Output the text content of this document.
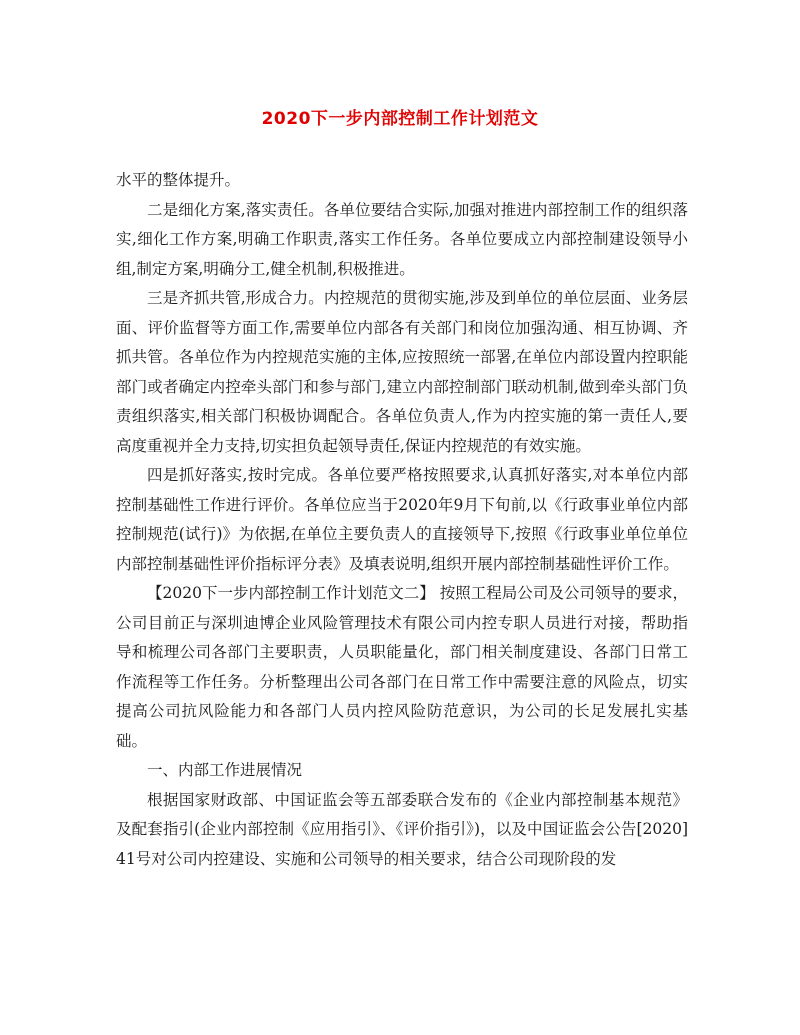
2020下一步内部控制工作计划范文

水平的整体提升。

二是细化方案,落实责任。各单位要结合实际,加强对推进内部控制工作的组织落实,细化工作方案,明确工作职责,落实工作任务。各单位要成立内部控制建设领导小组,制定方案,明确分工,健全机制,积极推进。

三是齐抓共管,形成合力。内控规范的贯彻实施,涉及到单位的单位层面、业务层面、评价监督等方面工作,需要单位内部各有关部门和岗位加强沟通、相互协调、齐抓共管。各单位作为内控规范实施的主体,应按照统一部署,在单位内部设置内控职能部门或者确定内控牵头部门和参与部门,建立内部控制部门联动机制,做到牵头部门负责组织落实,相关部门积极协调配合。各单位负责人,作为内控实施的第一责任人,要高度重视并全力支持,切实担负起领导责任,保证内控规范的有效实施。

四是抓好落实,按时完成。各单位要严格按照要求,认真抓好落实,对本单位内部控制基础性工作进行评价。各单位应当于2020年9月下旬前,以《行政事业单位内部控制规范(试行)》为依据,在单位主要负责人的直接领导下,按照《行政事业单位单位内部控制基础性评价指标评分表》及填表说明,组织开展内部控制基础性评价工作。

【2020下一步内部控制工作计划范文二】 按照工程局公司及公司领导的要求，公司目前正与深圳迪博企业风险管理技术有限公司内控专职人员进行对接，帮助指导和梳理公司各部门主要职责，人员职能量化，部门相关制度建设、各部门日常工作流程等工作任务。分析整理出公司各部门在日常工作中需要注意的风险点，切实提高公司抗风险能力和各部门人员内控风险防范意识，为公司的长足发展扎实基础。

一、内部工作进展情况

根据国家财政部、中国证监会等五部委联合发布的《企业内部控制基本规范》及配套指引(企业内部控制《应用指引》、《评价指引》)，以及中国证监会公告[2020]41号对公司内控建设、实施和公司领导的相关要求，结合公司现阶段的发
